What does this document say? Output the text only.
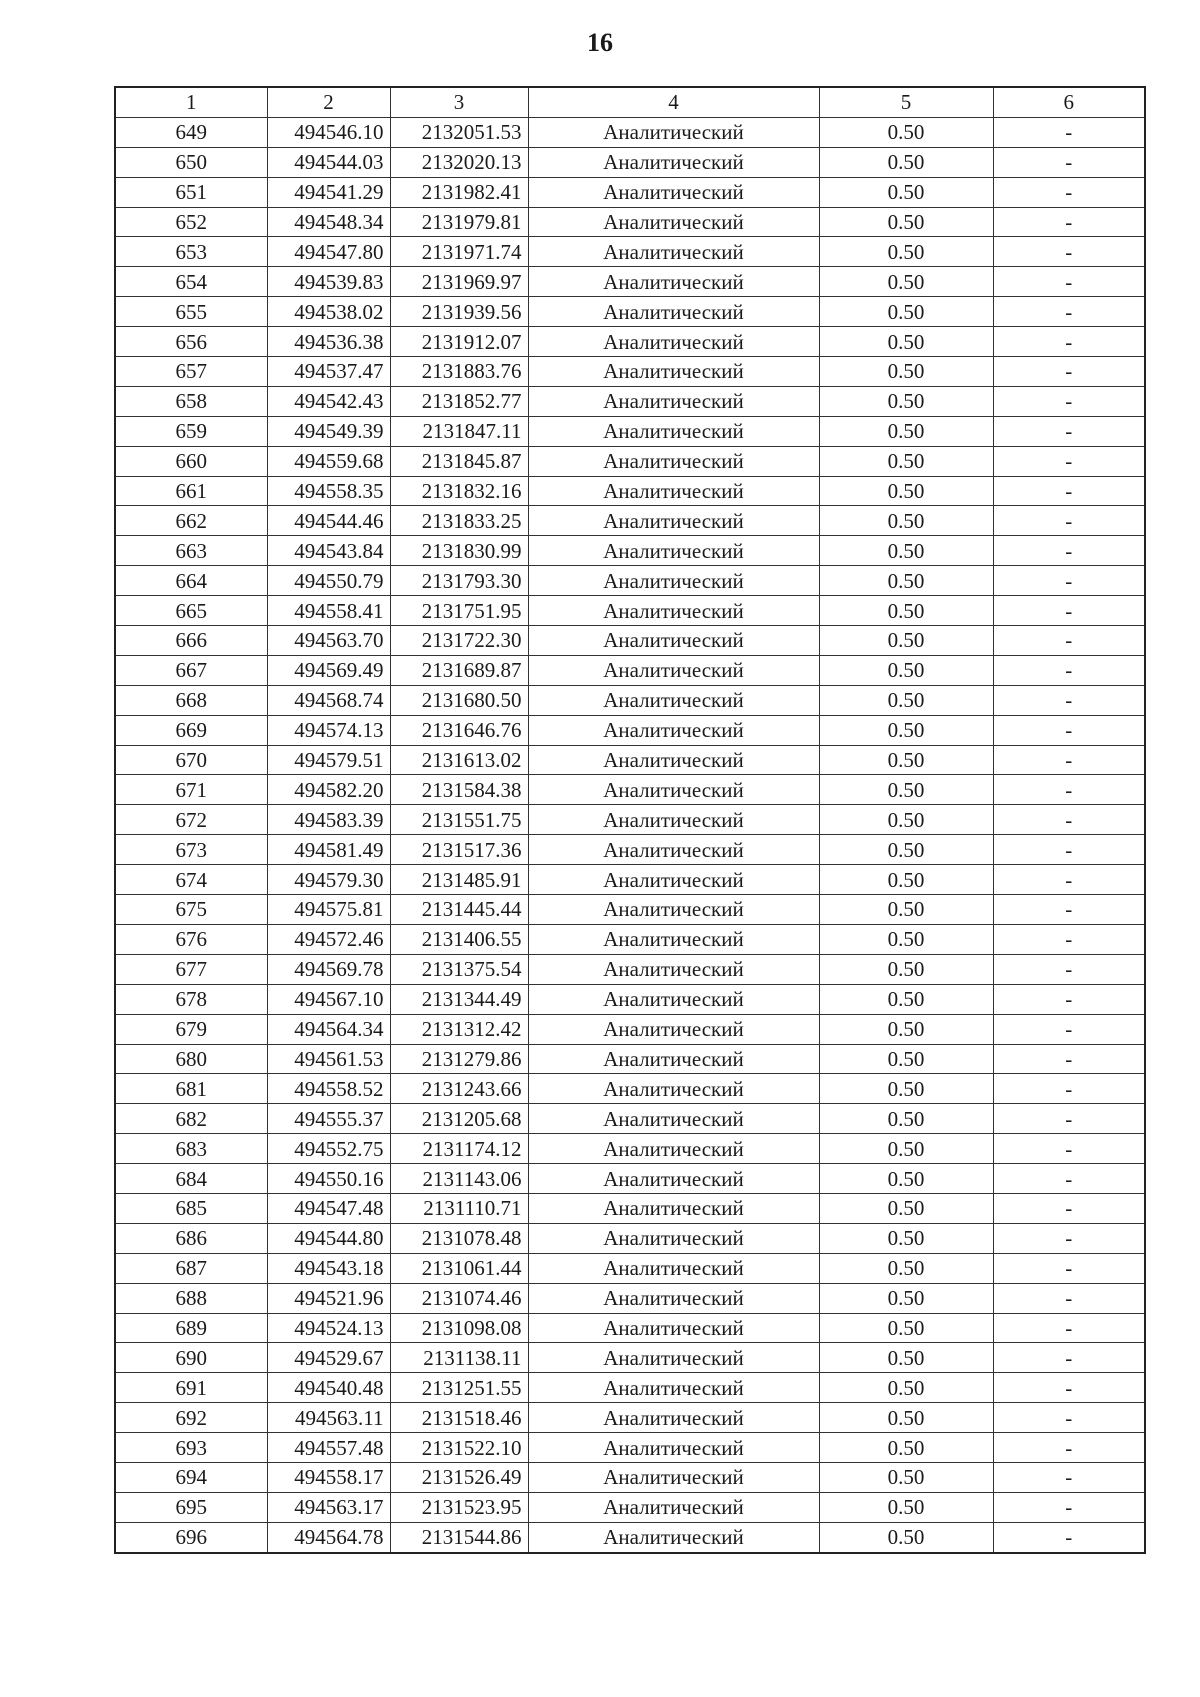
16
1	2	3	4	5	6
649	494546.10	2132051.53	Аналитический	0.50	-
650	494544.03	2132020.13	Аналитический	0.50	-
651	494541.29	2131982.41	Аналитический	0.50	-
652	494548.34	2131979.81	Аналитический	0.50	-
653	494547.80	2131971.74	Аналитический	0.50	-
654	494539.83	2131969.97	Аналитический	0.50	-
655	494538.02	2131939.56	Аналитический	0.50	-
656	494536.38	2131912.07	Аналитический	0.50	-
657	494537.47	2131883.76	Аналитический	0.50	-
658	494542.43	2131852.77	Аналитический	0.50	-
659	494549.39	2131847.11	Аналитический	0.50	-
660	494559.68	2131845.87	Аналитический	0.50	-
661	494558.35	2131832.16	Аналитический	0.50	-
662	494544.46	2131833.25	Аналитический	0.50	-
663	494543.84	2131830.99	Аналитический	0.50	-
664	494550.79	2131793.30	Аналитический	0.50	-
665	494558.41	2131751.95	Аналитический	0.50	-
666	494563.70	2131722.30	Аналитический	0.50	-
667	494569.49	2131689.87	Аналитический	0.50	-
668	494568.74	2131680.50	Аналитический	0.50	-
669	494574.13	2131646.76	Аналитический	0.50	-
670	494579.51	2131613.02	Аналитический	0.50	-
671	494582.20	2131584.38	Аналитический	0.50	-
672	494583.39	2131551.75	Аналитический	0.50	-
673	494581.49	2131517.36	Аналитический	0.50	-
674	494579.30	2131485.91	Аналитический	0.50	-
675	494575.81	2131445.44	Аналитический	0.50	-
676	494572.46	2131406.55	Аналитический	0.50	-
677	494569.78	2131375.54	Аналитический	0.50	-
678	494567.10	2131344.49	Аналитический	0.50	-
679	494564.34	2131312.42	Аналитический	0.50	-
680	494561.53	2131279.86	Аналитический	0.50	-
681	494558.52	2131243.66	Аналитический	0.50	-
682	494555.37	2131205.68	Аналитический	0.50	-
683	494552.75	2131174.12	Аналитический	0.50	-
684	494550.16	2131143.06	Аналитический	0.50	-
685	494547.48	2131110.71	Аналитический	0.50	-
686	494544.80	2131078.48	Аналитический	0.50	-
687	494543.18	2131061.44	Аналитический	0.50	-
688	494521.96	2131074.46	Аналитический	0.50	-
689	494524.13	2131098.08	Аналитический	0.50	-
690	494529.67	2131138.11	Аналитический	0.50	-
691	494540.48	2131251.55	Аналитический	0.50	-
692	494563.11	2131518.46	Аналитический	0.50	-
693	494557.48	2131522.10	Аналитический	0.50	-
694	494558.17	2131526.49	Аналитический	0.50	-
695	494563.17	2131523.95	Аналитический	0.50	-
696	494564.78	2131544.86	Аналитический	0.50	-
